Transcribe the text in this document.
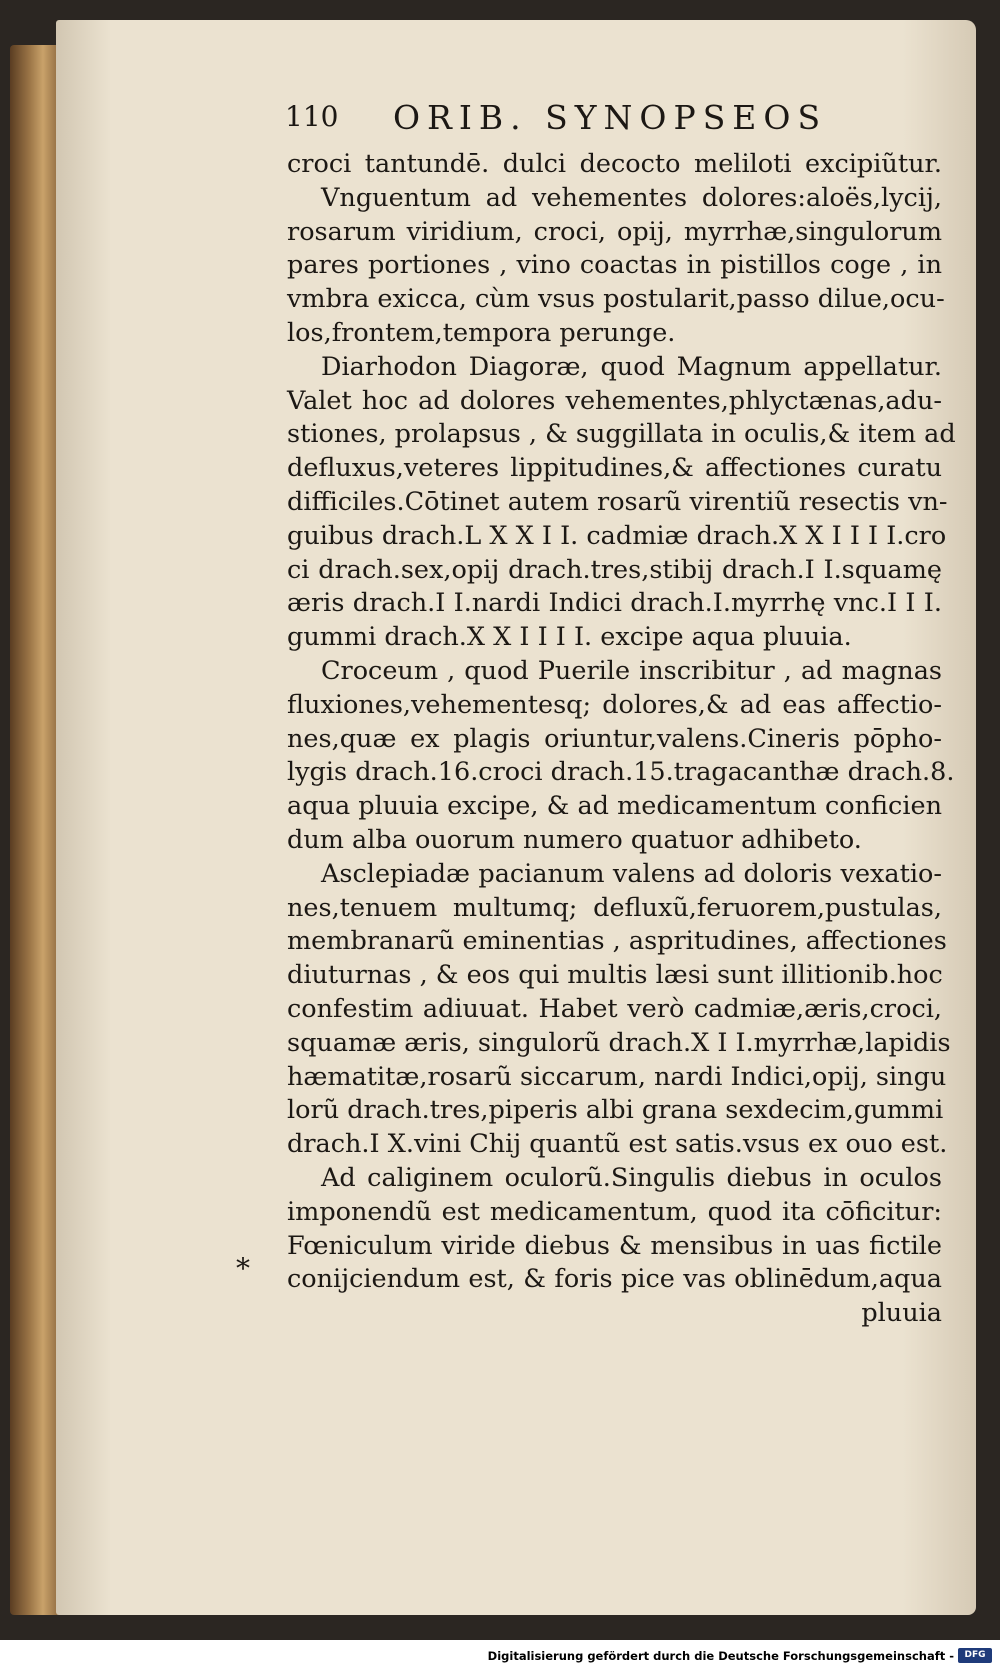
110 ORIB. SYNOPSEOS
croci tantundē. dulci decocto meliloti excipiũtur.
Vnguentum ad vehementes dolores:aloës,lycij,
rosarum viridium, croci, opij, myrrhæ,singulorum
pares portiones , vino coactas in pistillos coge , in
vmbra exicca, cùm vsus postularit,passo dilue,ocu-
los,frontem,tempora perunge.
Diarhodon Diagoræ, quod Magnum appellatur.
Valet hoc ad dolores vehementes,phlyctænas,adu-
stiones, prolapsus , & suggillata in oculis,& item ad
defluxus,veteres lippitudines,& affectiones curatu
difficiles.Cōtinet autem rosarũ virentiũ resectis vn-
guibus drach.L X X I I. cadmiæ drach.X X I I I I.cro
ci drach.sex,opij drach.tres,stibij drach.I I.squamę
æris drach.I I.nardi Indici drach.I.myrrhę vnc.I I I.
gummi drach.X X I I I I. excipe aqua pluuia.
Croceum , quod Puerile inscribitur , ad magnas
fluxiones,vehementesq; dolores,& ad eas affectio-
nes,quæ ex plagis oriuntur,valens.Cineris pōpho-
lygis drach.16.croci drach.15.tragacanthæ drach.8.
aqua pluuia excipe, & ad medicamentum conficien
dum alba ouorum numero quatuor adhibeto.
Asclepiadæ pacianum valens ad doloris vexatio-
nes,tenuem multumq; defluxũ,feruorem,pustulas,
membranarũ eminentias , aspritudines, affectiones
diuturnas , & eos qui multis læsi sunt illitionib.hoc
confestim adiuuat. Habet verò cadmiæ,æris,croci,
squamæ æris, singulorũ drach.X I I.myrrhæ,lapidis
hæmatitæ,rosarũ siccarum, nardi Indici,opij, singu
lorũ drach.tres,piperis albi grana sexdecim,gummi
drach.I X.vini Chij quantũ est satis.vsus ex ouo est.
Ad caliginem oculorũ.Singulis diebus in oculos
imponendũ est medicamentum, quod ita cōficitur:
Fœniculum viride diebus & mensibus in uas fictile
conijciendum est, & foris pice vas oblinēdum,aqua
pluuia
*
Digitalisierung gefördert durch die Deutsche Forschungsgemeinschaft -	DFG
